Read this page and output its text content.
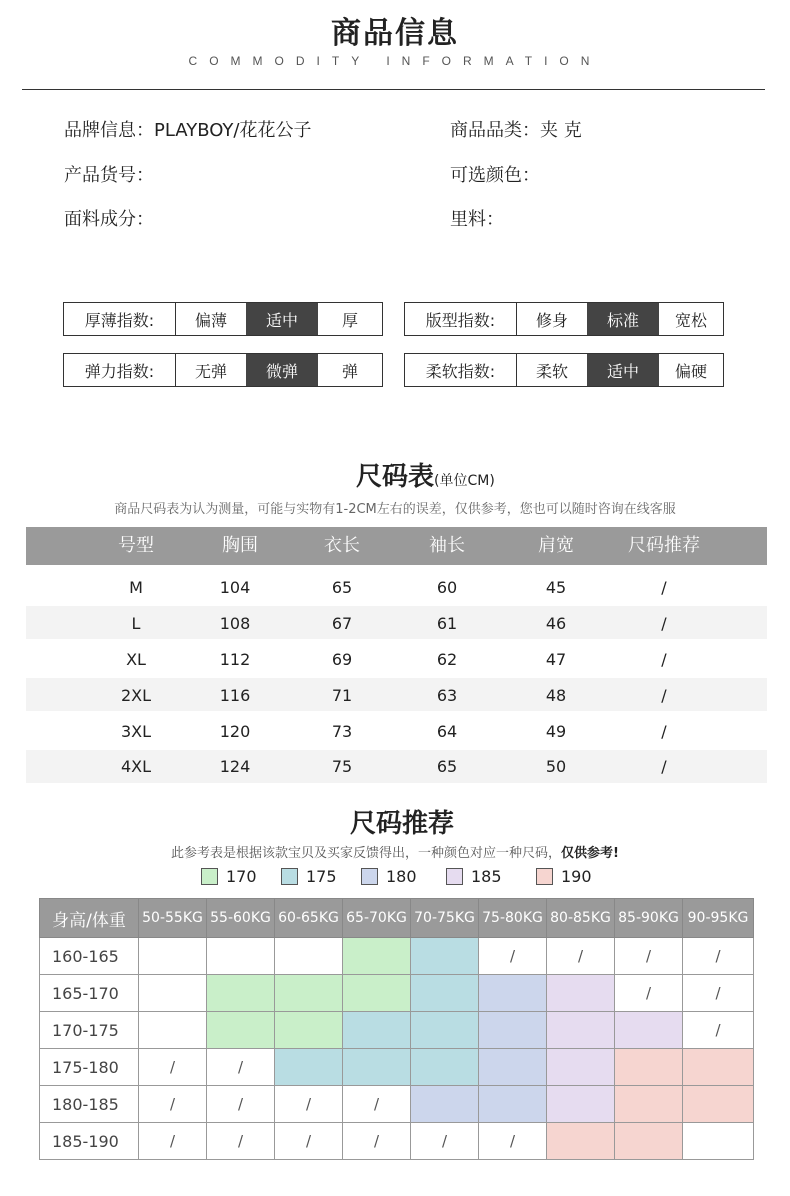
商品信息
COMMODITY INFORMATION
品牌信息：PLAYBOY/花花公子	商品品类：夹 克
产品货号：	可选颜色：
面料成分：	里料：
厚薄指数:	偏薄	适中	厚	版型指数:	修身	标准	宽松
弹力指数:	无弹	微弹	弹	柔软指数:	柔软	适中	偏硬
尺码表(单位CM)
商品尺码表为认为测量，可能与实物有1-2CM左右的误差，仅供参考，您也可以随时咨询在线客服
号型	胸围	衣长	袖长	肩宽	尺码推荐
M	104	65	60	45	/
L	108	67	61	46	/
XL	112	69	62	47	/
2XL	116	71	63	48	/
3XL	120	73	64	49	/
4XL	124	75	65	50	/
尺码推荐
此参考表是根据该款宝贝及买家反馈得出，一种颜色对应一种尺码，仅供参考!
170	175	180	185	190
身高/体重	50-55KG	55-60KG	60-65KG	65-70KG	70-75KG	75-80KG	80-85KG	85-90KG	90-95KG
160-165						/	/	/	/
165-170								/	/
170-175									/
175-180	/	/							
180-185	/	/	/	/					
185-190	/	/	/	/	/	/			
